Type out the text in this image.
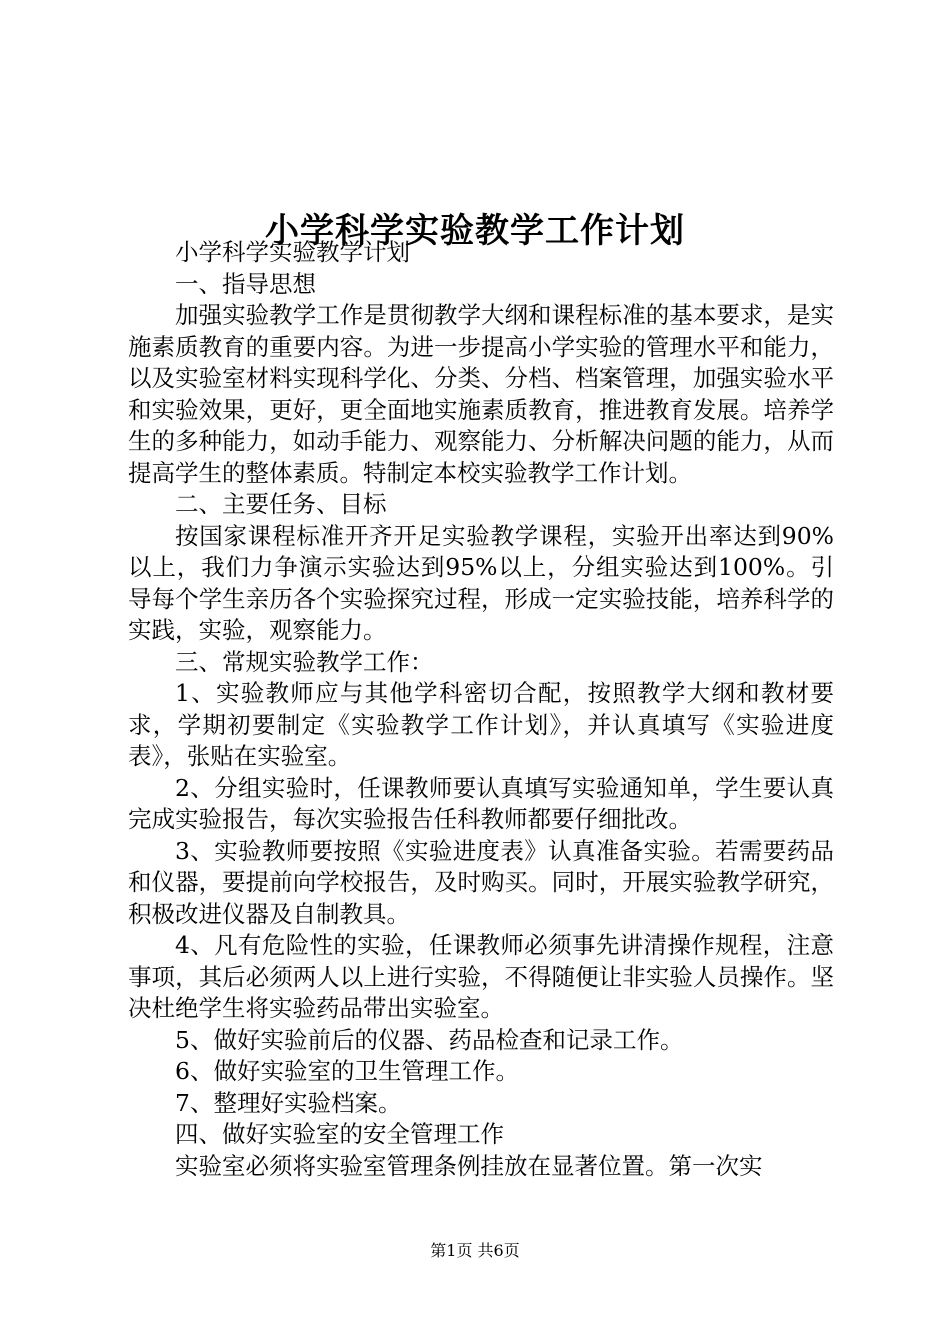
小学科学实验教学工作计划

小学科学实验教学计划

一、指导思想

加强实验教学工作是贯彻教学大纲和课程标准的基本要求，是实施素质教育的重要内容。为进一步提高小学实验的管理水平和能力，以及实验室材料实现科学化、分类、分档、档案管理，加强实验水平和实验效果，更好，更全面地实施素质教育，推进教育发展。培养学生的多种能力，如动手能力、观察能力、分析解决问题的能力，从而提高学生的整体素质。特制定本校实验教学工作计划。

二、主要任务、目标

按国家课程标准开齐开足实验教学课程，实验开出率达到90%以上，我们力争演示实验达到95%以上，分组实验达到100%。引导每个学生亲历各个实验探究过程，形成一定实验技能，培养科学的实践，实验，观察能力。

三、常规实验教学工作：

1、实验教师应与其他学科密切合配，按照教学大纲和教材要求，学期初要制定《实验教学工作计划》，并认真填写《实验进度表》，张贴在实验室。

2、分组实验时，任课教师要认真填写实验通知单，学生要认真完成实验报告，每次实验报告任科教师都要仔细批改。

3、实验教师要按照《实验进度表》认真准备实验。若需要药品和仪器，要提前向学校报告，及时购买。同时，开展实验教学研究，积极改进仪器及自制教具。

4、凡有危险性的实验，任课教师必须事先讲清操作规程，注意事项，其后必须两人以上进行实验，不得随便让非实验人员操作。坚决杜绝学生将实验药品带出实验室。

5、做好实验前后的仪器、药品检查和记录工作。

6、做好实验室的卫生管理工作。

7、整理好实验档案。

四、做好实验室的安全管理工作

实验室必须将实验室管理条例挂放在显著位置。第一次实

第1页 共6页
